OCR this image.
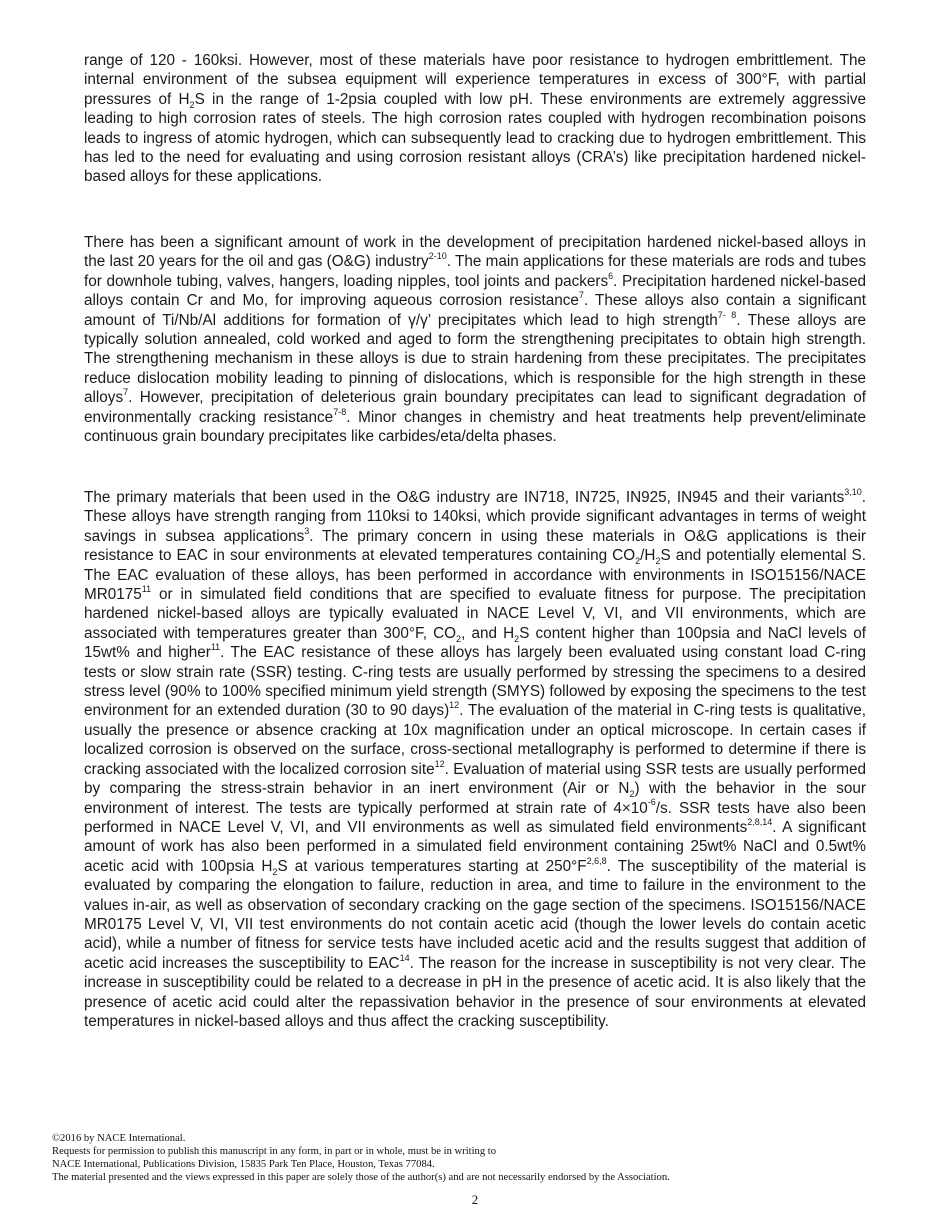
range of 120 - 160ksi. However, most of these materials have poor resistance to hydrogen embrittlement. The internal environment of the subsea equipment will experience temperatures in excess of 300°F, with partial pressures of $H_2S$ in the range of 1-2psia coupled with low pH. These environments are extremely aggressive leading to high corrosion rates of steels. The high corrosion rates coupled with hydrogen recombination poisons leads to ingress of atomic hydrogen, which can subsequently lead to cracking due to hydrogen embrittlement. This has led to the need for evaluating and using corrosion resistant alloys (CRA’s) like precipitation hardened nickel-based alloys for these applications.

There has been a significant amount of work in the development of precipitation hardened nickel-based alloys in the last 20 years for the oil and gas (O&G) industry$^{2-10}$. The main applications for these materials are rods and tubes for downhole tubing, valves, hangers, loading nipples, tool joints and packers$^6$. Precipitation hardened nickel-based alloys contain Cr and Mo, for improving aqueous corrosion resistance$^7$. These alloys also contain a significant amount of Ti/Nb/Al additions for formation of γ/γ’ precipitates which lead to high strength$^{7- 8}$. These alloys are typically solution annealed, cold worked and aged to form the strengthening precipitates to obtain high strength. The strengthening mechanism in these alloys is due to strain hardening from these precipitates. The precipitates reduce dislocation mobility leading to pinning of dislocations, which is responsible for the high strength in these alloys$^7$. However, precipitation of deleterious grain boundary precipitates can lead to significant degradation of environmentally cracking resistance$^{7-8}$. Minor changes in chemistry and heat treatments help prevent/eliminate continuous grain boundary precipitates like carbides/eta/delta phases.

The primary materials that been used in the O&G industry are IN718, IN725, IN925, IN945 and their variants$^{3,10}$. These alloys have strength ranging from 110ksi to 140ksi, which provide significant advantages in terms of weight savings in subsea applications$^3$. The primary concern in using these materials in O&G applications is their resistance to EAC in sour environments at elevated temperatures containing $CO_2/H_2S$ and potentially elemental S. The EAC evaluation of these alloys, has been performed in accordance with environments in ISO15156/NACE MR0175$^{11}$ or in simulated field conditions that are specified to evaluate fitness for purpose. The precipitation hardened nickel-based alloys are typically evaluated in NACE Level V, VI, and VII environments, which are associated with temperatures greater than 300°F, $CO_2$, and $H_2S$ content higher than 100psia and NaCl levels of 15wt% and higher$^{11}$. The EAC resistance of these alloys has largely been evaluated using constant load C-ring tests or slow strain rate (SSR) testing. C-ring tests are usually performed by stressing the specimens to a desired stress level (90% to 100% specified minimum yield strength (SMYS) followed by exposing the specimens to the test environment for an extended duration (30 to 90 days)$^{12}$. The evaluation of the material in C-ring tests is qualitative, usually the presence or absence cracking at 10x magnification under an optical microscope. In certain cases if localized corrosion is observed on the surface, cross-sectional metallography is performed to determine if there is cracking associated with the localized corrosion site$^{12}$. Evaluation of material using SSR tests are usually performed by comparing the stress-strain behavior in an inert environment (Air or $N_2$) with the behavior in the sour environment of interest. The tests are typically performed at strain rate of $4\times 10^{-6}/s$. SSR tests have also been performed in NACE Level V, VI, and VII environments as well as simulated field environments$^{2,8,14}$. A significant amount of work has also been performed in a simulated field environment containing 25wt% NaCl and 0.5wt% acetic acid with 100psia $H_2S$ at various temperatures starting at $250^\circ F^{2,6,8}$. The susceptibility of the material is evaluated by comparing the elongation to failure, reduction in area, and time to failure in the environment to the values in-air, as well as observation of secondary cracking on the gage section of the specimens. ISO15156/NACE MR0175 Level V, VI, VII test environments do not contain acetic acid (though the lower levels do contain acetic acid), while a number of fitness for service tests have included acetic acid and the results suggest that addition of acetic acid increases the susceptibility to EAC$^{14}$. The reason for the increase in susceptibility is not very clear. The increase in susceptibility could be related to a decrease in pH in the presence of acetic acid. It is also likely that the presence of acetic acid could alter the repassivation behavior in the presence of sour environments at elevated temperatures in nickel-based alloys and thus affect the cracking susceptibility.

©2016 by NACE International.
Requests for permission to publish this manuscript in any form, in part or in whole, must be in writing to
NACE International, Publications Division, 15835 Park Ten Place, Houston, Texas 77084.
The material presented and the views expressed in this paper are solely those of the author(s) and are not necessarily endorsed by the Association.
2
